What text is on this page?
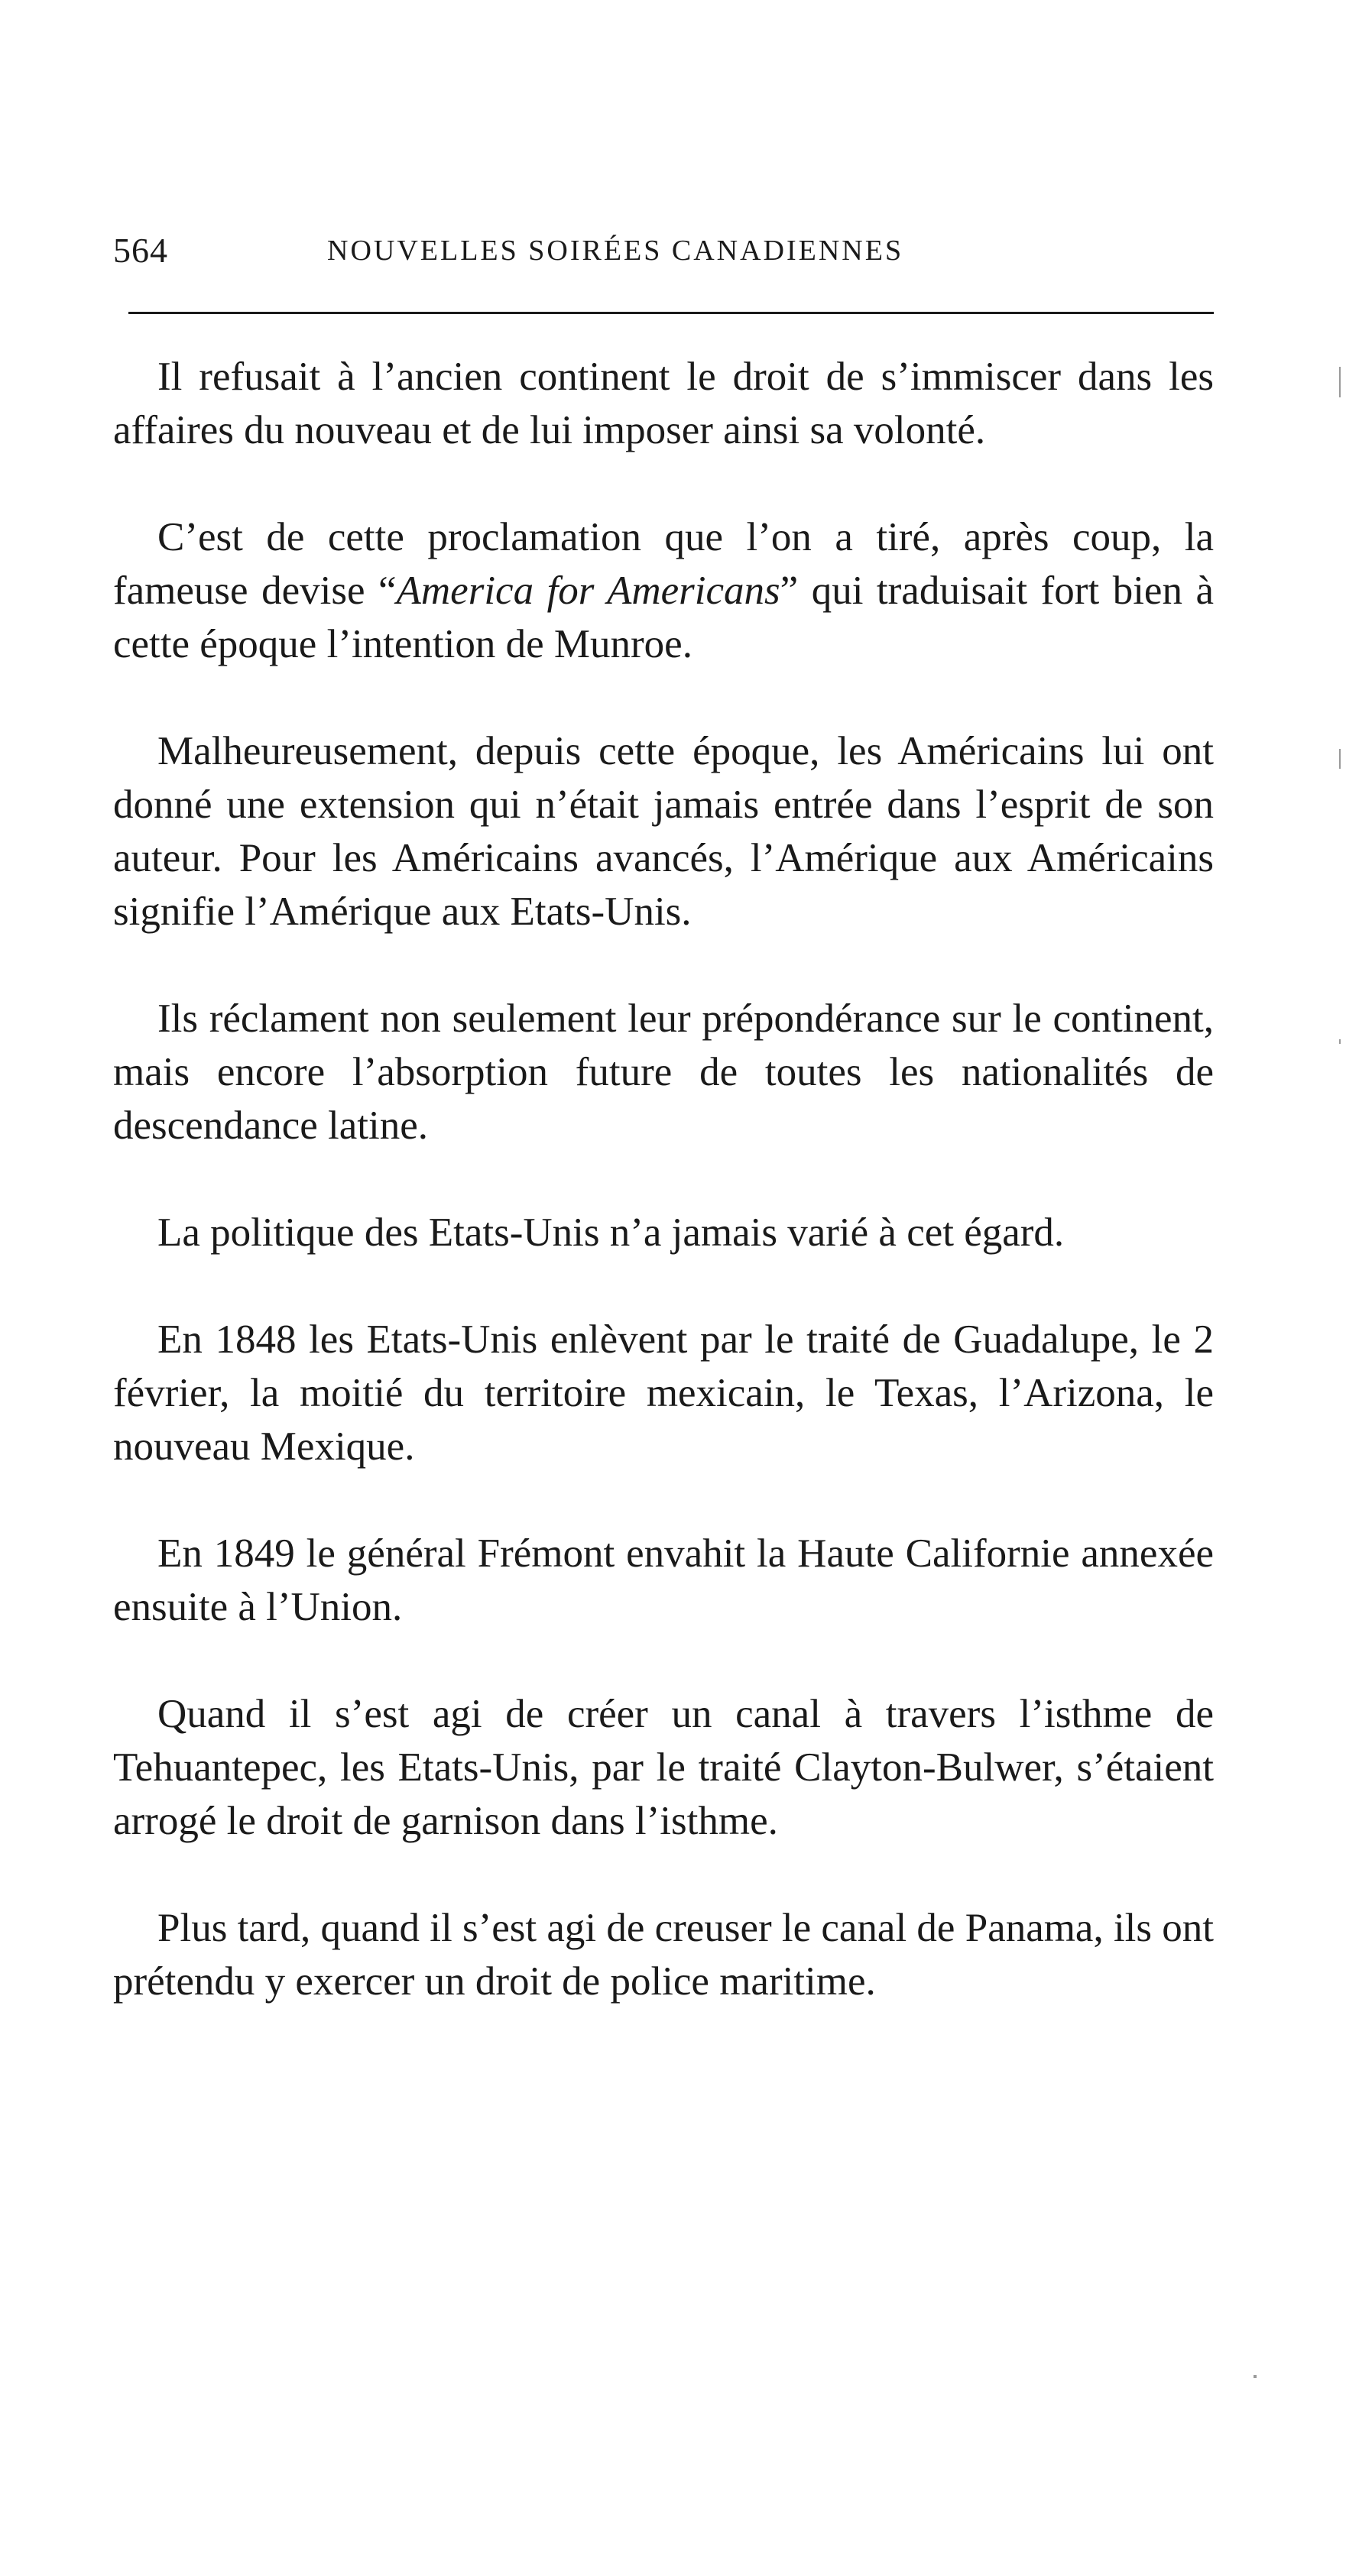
564	NOUVELLES SOIRÉES CANADIENNES

Il refusait à l’ancien continent le droit de s’immiscer dans les affaires du nouveau et de lui imposer ainsi sa volonté.

C’est de cette proclamation que l’on a tiré, après coup, la fameuse devise “America for Americans” qui traduisait fort bien à cette époque l’intention de Munroe.

Malheureusement, depuis cette époque, les Américains lui ont donné une extension qui n’était jamais entrée dans l’esprit de son auteur. Pour les Américains avancés, l’Amérique aux Américains signifie l’Amérique aux Etats-Unis.

Ils réclament non seulement leur prépondérance sur le continent, mais encore l’absorption future de toutes les nationalités de descendance latine.

La politique des Etats-Unis n’a jamais varié à cet égard.

En 1848 les Etats-Unis enlèvent par le traité de Guadalupe, le 2 février, la moitié du territoire mexicain, le Texas, l’Arizona, le nouveau Mexique.

En 1849 le général Frémont envahit la Haute Californie annexée ensuite à l’Union.

Quand il s’est agi de créer un canal à travers l’isthme de Tehuantepec, les Etats-Unis, par le traité Clayton-Bulwer, s’étaient arrogé le droit de garnison dans l’isthme.

Plus tard, quand il s’est agi de creuser le canal de Panama, ils ont prétendu y exercer un droit de police maritime.
